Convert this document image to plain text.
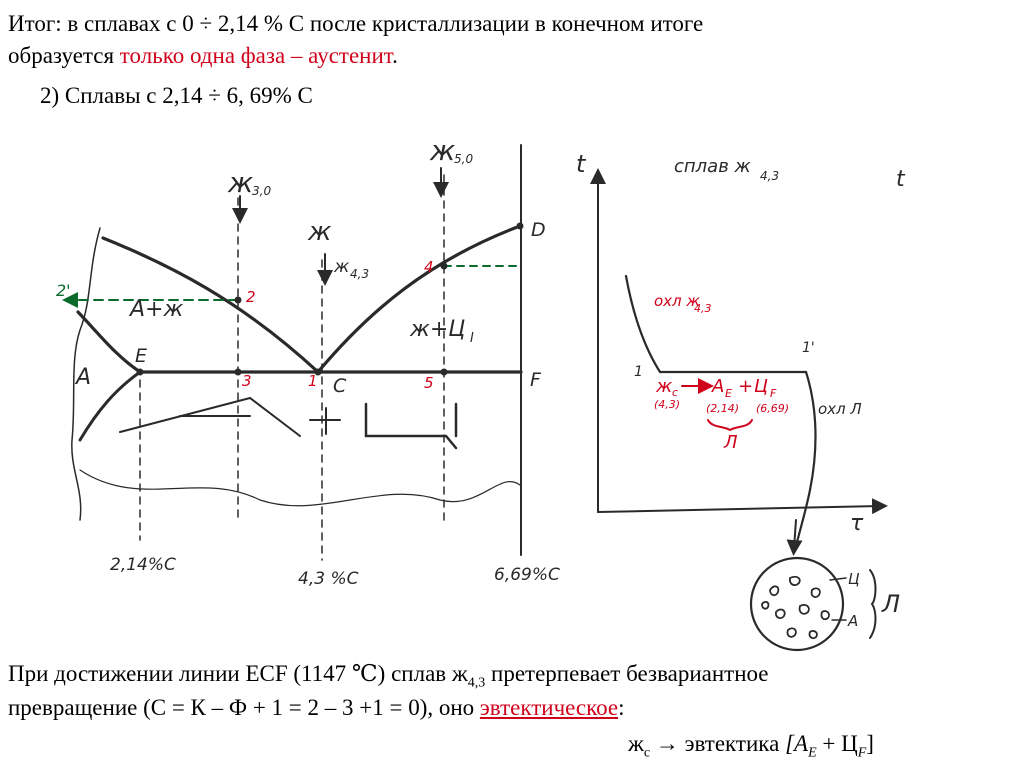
Итог: в сплавах с 0 ÷ 2,14 % С после кристаллизации в конечном итоге
образуется только одна фаза – аустенит.
2) Сплавы с 2,14 ÷ 6, 69% C
A
E
C	F
D
ж
3,0
ж
ж 4,3
ж
5,0
2'	2
3	1
4
5
A+ж
ж+Ц I
2,14%C
4,3 %C	6,69%C
сплав ж 4,3
t
t
τ
охл ж
4,3
1
1'
ж c A E + Ц F
(4,3) (2,14) (6,69)
Л
охл Л
Ц
A
Л
При достижении линии ECF (1147 ℃) сплав $ж_{4,3}$ претерпевает безвариантное
превращение (С = К – Ф + 1 = 2 – 3 +1 = 0), оно эвтектическое:
$ж_с$ → эвтектика $[A_E + Ц_F]$
